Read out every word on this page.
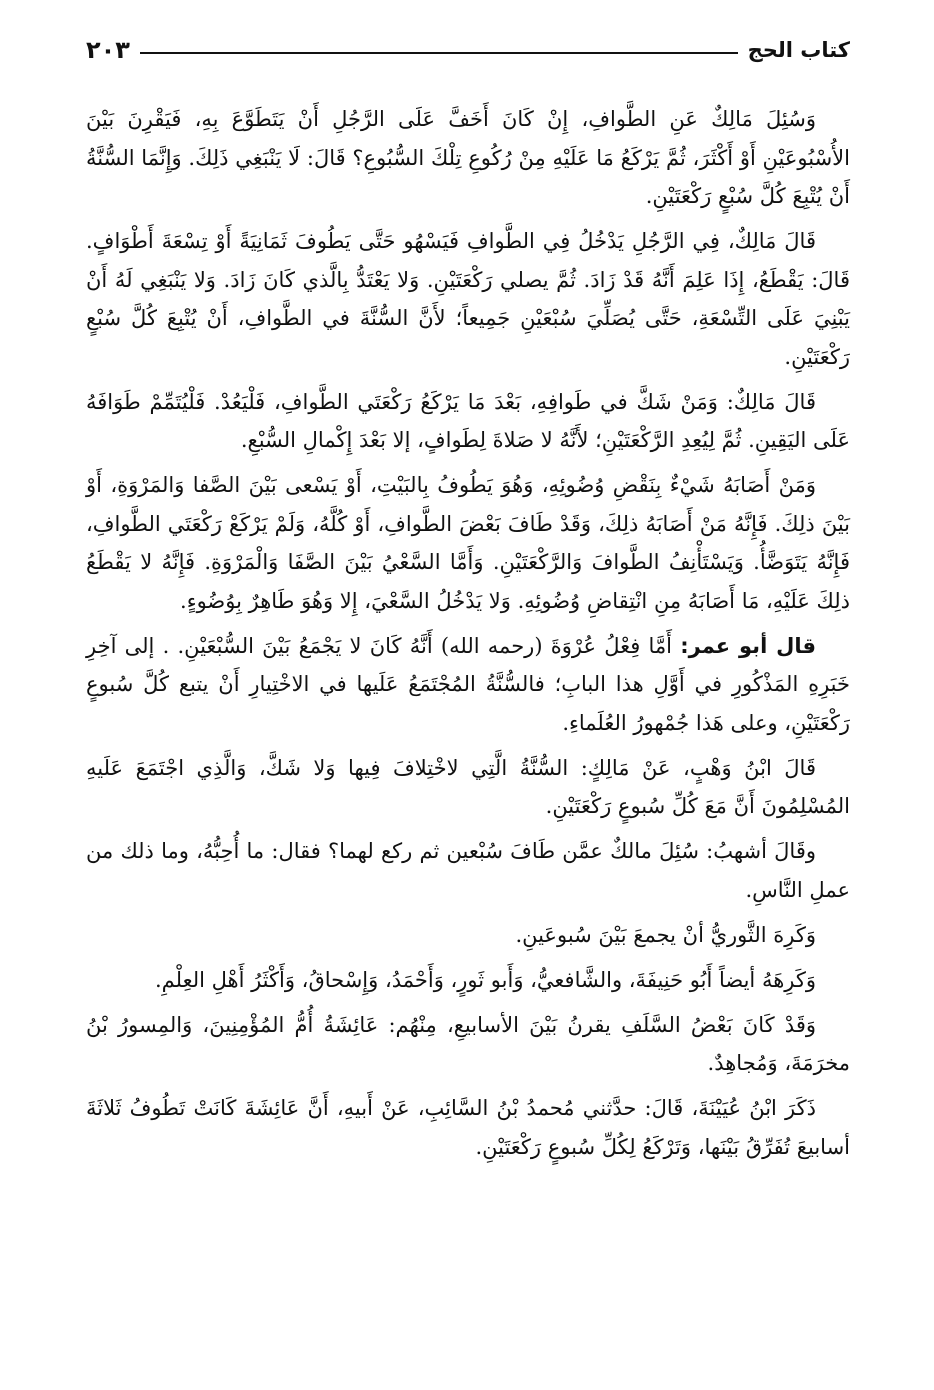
كتاب الحج
٢٠٣

وَسُئِلَ مَالِكٌ عَنِ الطَّوافِ، إِنْ كَانَ أَخَفَّ عَلَى الرَّجُلِ أَنْ يَتَطَوَّعَ بِهِ، فَيَقْرِنَ بَيْنَ الأُسْبُوعَيْنِ أَوْ أَكْثَرَ، ثُمَّ يَرْكَعُ مَا عَلَيْهِ مِنْ رُكُوعِ تِلْكَ السُّبُوعِ؟ قَالَ: لَا يَنْبَغِي ذَلِكَ. وَإِنَّمَا السُّنَّةُ أَنْ يُتْبِعَ كُلَّ سُبْعٍ رَكْعَتَيْنِ.

قَالَ مَالِكٌ، فِي الرَّجُلِ يَدْخُلُ فِي الطَّوافِ فَيَسْهُو حَتَّى يَطُوفَ ثَمَانِيَةً أَوْ تِسْعَةَ أَطْوَافٍ. قَالَ: يَقْطَعُ، إِذَا عَلِمَ أَنَّهُ قَدْ زَادَ. ثُمَّ يصلي رَكْعَتَيْنِ. وَلا يَعْتَدُّ بِالَّذي كَانَ زَادَ. وَلا يَنْبَغِي لَهُ أَنْ يَبْنِيَ عَلَى التِّسْعَةِ، حَتَّى يُصَلِّيَ سُبْعَيْنِ جَمِيعاً؛ لأَنَّ السُّنَّةَ في الطَّوافِ، أَنْ يُتْبِعَ كُلَّ سُبْعٍ رَكْعَتَيْنِ.

قَالَ مَالِكٌ: وَمَنْ شَكَّ في طَوافِهِ، بَعْدَ مَا يَرْكَعُ رَكْعَتَي الطَّوافِ، فَلْيَعُدْ. فَلْيُتَمِّمْ طَوَافَهُ عَلَى اليَقِينِ. ثُمَّ لِيُعِدِ الرَّكْعَتَيْنِ؛ لأَنَّهُ لا صَلاةَ لِطَوافٍ، إلا بَعْدَ إِكْمالِ السُّبْعِ.

وَمَنْ أَصَابَهُ شَيْءٌ بِنَقْضِ وُضُوئِهِ، وَهُوَ يَطُوفُ بِالبَيْتِ، أَوْ يَسْعى بَيْنَ الصَّفا وَالمَرْوَةِ، أَوْ بَيْنَ ذلِكَ. فَإِنَّهُ مَنْ أَصَابَهُ ذلِكَ، وَقَدْ طَافَ بَعْضَ الطَّوافِ، أَوْ كُلَّهُ، وَلَمْ يَرْكَعْ رَكْعَتَي الطَّوافِ، فَإِنَّهُ يَتَوَضَّأُ. وَيَسْتَأْنِفُ الطَّوافَ وَالرَّكْعَتَيْنِ. وَأَمَّا السَّعْيُ بَيْنَ الصَّفَا وَالْمَرْوَةِ. فَإِنَّهُ لا يَقْطَعُ ذلِكَ عَلَيْهِ، مَا أَصَابَهُ مِنِ انْتِقاضِ وُضُوئِهِ. وَلا يَدْخُلُ السَّعْيَ، إِلا وَهُوَ طَاهِرٌ بِوُضُوءٍ.

قال أبو عمر: أَمَّا فِعْلُ عُرْوَةَ (رحمه الله) أَنَّهُ كَانَ لا يَجْمَعُ بَيْنَ السُّبْعَيْنِ. . إلى آخِرِ خَبَرِهِ المَذْكُورِ في أَوَّلِ هذا البابِ؛ فالسُّنَّةُ المُجْتَمَعُ عَلَيها في الاخْتِيارِ أَنْ يتبع كُلَّ سُبوعٍ رَكْعَتَيْنِ، وعلى هَذا جُمْهورُ العُلَماءِ.

قَالَ ابْنُ وَهْبٍ، عَنْ مَالِكٍ: السُّنَّةُ الَّتِي لاخْتِلافَ فِيها وَلا شَكَّ، وَالَّذِي اجْتَمَعَ عَلَيهِ المُسْلِمُونَ أَنَّ مَعَ كُلِّ سُبوعٍ رَكْعَتَيْنِ.

وقَالَ أشهبُ: سُئِلَ مالكٌ عمَّن طَافَ سُبْعين ثم ركع لهما؟ فقال: ما أُحِبُّهُ، وما ذلك من عملِ النَّاسِ.

وَكَرِهَ الثَّوريُّ أنْ يجمعَ بَيْنَ سُبوعَينِ.

وَكَرِهَهُ أيضاً أَبُو حَنِيفَةَ، والشَّافعيُّ، وَأَبو ثَورٍ، وَأَحْمَدُ، وَإِسْحاقُ، وَأَكْثَرُ أَهْلِ العِلْمِ.

وَقَدْ كَانَ بَعْضُ السَّلَفِ يقرنُ بَيْنَ الأسابيعِ، مِنْهُم: عَائِشَةُ أُمُّ المُؤْمِنِينَ، وَالمِسورُ بْنُ مخرَمَةَ، وَمُجاهِدٌ.

ذَكَرَ ابْنُ عُيَيْنَةَ، قَالَ: حدَّثني مُحمدُ بْنُ السَّائِبِ، عَنْ أَبيهِ، أَنَّ عَائِشَةَ كَانَتْ تَطُوفُ ثَلاثَةَ أسابيعَ تُفَرِّقُ بَيْنَها، وَتَرْكَعُ لِكُلِّ سُبوعٍ رَكْعَتَيْنِ.
